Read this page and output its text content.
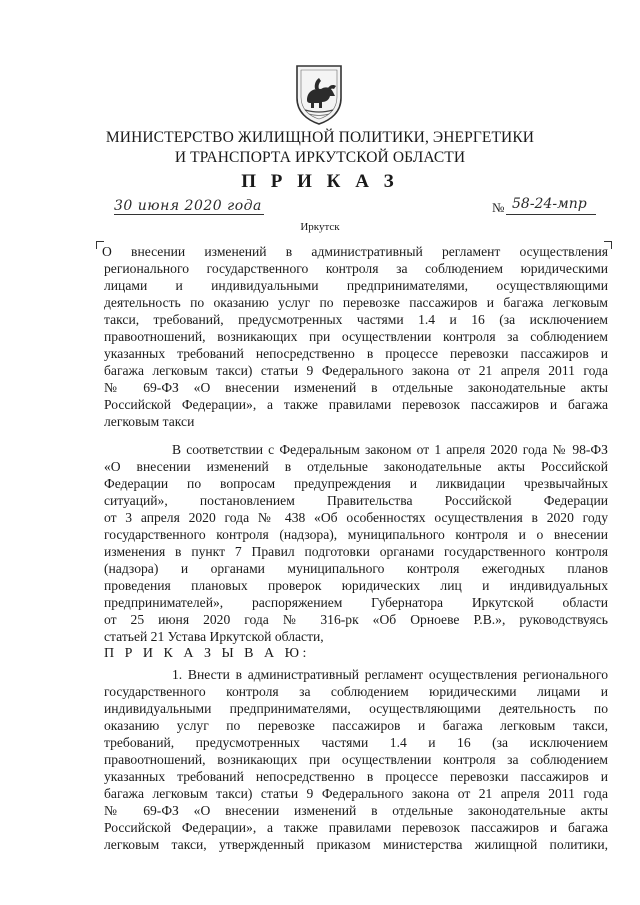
МИНИСТЕРСТВО ЖИЛИЩНОЙ ПОЛИТИКИ, ЭНЕРГЕТИКИ
И ТРАНСПОРТА ИРКУТСКОЙ ОБЛАСТИ
П Р И К А З
30 июня 2020 года	№ 58-24-мпр
Иркутск
О внесении изменений в административный регламент осуществления
регионального государственного контроля за соблюдением юридическими
лицами и индивидуальными предпринимателями, осуществляющими
деятельность по оказанию услуг по перевозке пассажиров и багажа легковым
такси, требований, предусмотренных частями 1.4 и 16 (за исключением
правоотношений, возникающих при осуществлении контроля за соблюдением
указанных требований непосредственно в процессе перевозки пассажиров и
багажа легковым такси) статьи 9 Федерального закона от 21 апреля 2011 года
№ 69-ФЗ «О внесении изменений в отдельные законодательные акты
Российской Федерации», а также правилами перевозок пассажиров и багажа
легковым такси
В соответствии с Федеральным законом от 1 апреля 2020 года № 98-ФЗ
«О внесении изменений в отдельные законодательные акты Российской
Федерации по вопросам предупреждения и ликвидации чрезвычайных
ситуаций», постановлением Правительства Российской Федерации
от 3 апреля 2020 года № 438 «Об особенностях осуществления в 2020 году
государственного контроля (надзора), муниципального контроля и о внесении
изменения в пункт 7 Правил подготовки органами государственного контроля
(надзора) и органами муниципального контроля ежегодных планов
проведения плановых проверок юридических лиц и индивидуальных
предпринимателей», распоряжением Губернатора Иркутской области
от 25 июня 2020 года № 316-рк «Об Орноеве Р.В.», руководствуясь
статьей 21 Устава Иркутской области,
П Р И К А З Ы В А Ю:
1. Внести в административный регламент осуществления регионального
государственного контроля за соблюдением юридическими лицами и
индивидуальными предпринимателями, осуществляющими деятельность по
оказанию услуг по перевозке пассажиров и багажа легковым такси,
требований, предусмотренных частями 1.4 и 16 (за исключением
правоотношений, возникающих при осуществлении контроля за соблюдением
указанных требований непосредственно в процессе перевозки пассажиров и
багажа легковым такси) статьи 9 Федерального закона от 21 апреля 2011 года
№ 69-ФЗ «О внесении изменений в отдельные законодательные акты
Российской Федерации», а также правилами перевозок пассажиров и багажа
легковым такси, утвержденный приказом министерства жилищной политики,
